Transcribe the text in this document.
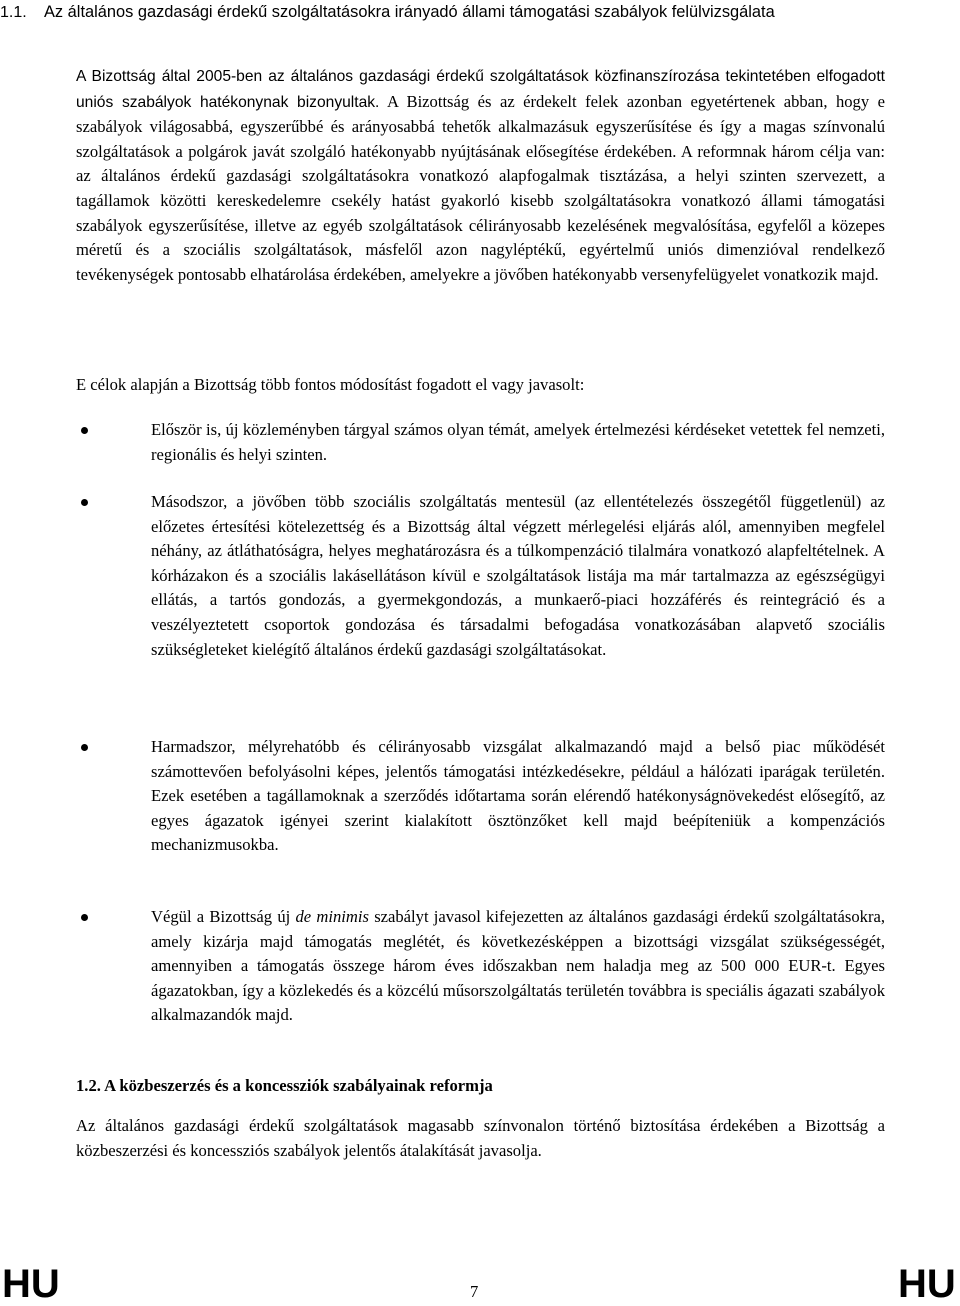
1.1. Az általános gazdasági érdekű szolgáltatásokra irányadó állami támogatási szabályok felülvizsgálata

A Bizottság által 2005-ben az általános gazdasági érdekű szolgáltatások közfinanszírozása tekintetében elfogadott uniós szabályok hatékonynak bizonyultak. A Bizottság és az érdekelt felek azonban egyetértenek abban, hogy e szabályok világosabbá, egyszerűbbé és arányosabbá tehetők alkalmazásuk egyszerűsítése és így a magas színvonalú szolgáltatások a polgárok javát szolgáló hatékonyabb nyújtásának elősegítése érdekében. A reformnak három célja van: az általános érdekű gazdasági szolgáltatásokra vonatkozó alapfogalmak tisztázása, a helyi szinten szervezett, a tagállamok közötti kereskedelemre csekély hatást gyakorló kisebb szolgáltatásokra vonatkozó állami támogatási szabályok egyszerűsítése, illetve az egyéb szolgáltatások célirányosabb kezelésének megvalósítása, egyfelől a közepes méretű és a szociális szolgáltatások, másfelől azon nagyléptékű, egyértelmű uniós dimenzióval rendelkező tevékenységek pontosabb elhatárolása érdekében, amelyekre a jövőben hatékonyabb versenyfelügyelet vonatkozik majd.

E célok alapján a Bizottság több fontos módosítást fogadott el vagy javasolt:

Először is, új közleményben tárgyal számos olyan témát, amelyek értelmezési kérdéseket vetettek fel nemzeti, regionális és helyi szinten.

Másodszor, a jövőben több szociális szolgáltatás mentesül (az ellentételezés összegétől függetlenül) az előzetes értesítési kötelezettség és a Bizottság által végzett mérlegelési eljárás alól, amennyiben megfelel néhány, az átláthatóságra, helyes meghatározásra és a túlkompenzáció tilalmára vonatkozó alapfeltételnek. A kórházakon és a szociális lakásellátáson kívül e szolgáltatások listája ma már tartalmazza az egészségügyi ellátás, a tartós gondozás, a gyermekgondozás, a munkaerő-piaci hozzáférés és reintegráció és a veszélyeztetett csoportok gondozása és társadalmi befogadása vonatkozásában alapvető szociális szükségleteket kielégítő általános érdekű gazdasági szolgáltatásokat.

Harmadszor, mélyrehatóbb és célirányosabb vizsgálat alkalmazandó majd a belső piac működését számottevően befolyásolni képes, jelentős támogatási intézkedésekre, például a hálózati iparágak területén. Ezek esetében a tagállamoknak a szerződés időtartama során elérendő hatékonyságnövekedést elősegítő, az egyes ágazatok igényei szerint kialakított ösztönzőket kell majd beépíteniük a kompenzációs mechanizmusokba.

Végül a Bizottság új de minimis szabályt javasol kifejezetten az általános gazdasági érdekű szolgáltatásokra, amely kizárja majd támogatás meglétét, és következésképpen a bizottsági vizsgálat szükségességét, amennyiben a támogatás összege három éves időszakban nem haladja meg az 500 000 EUR-t. Egyes ágazatokban, így a közlekedés és a közcélú műsorszolgáltatás területén továbbra is speciális ágazati szabályok alkalmazandók majd.

1.2. A közbeszerzés és a koncessziók szabályainak reformja

Az általános gazdasági érdekű szolgáltatások magasabb színvonalon történő biztosítása érdekében a Bizottság a közbeszerzési és koncessziós szabályok jelentős átalakítását javasolja.

HU	7	HU
